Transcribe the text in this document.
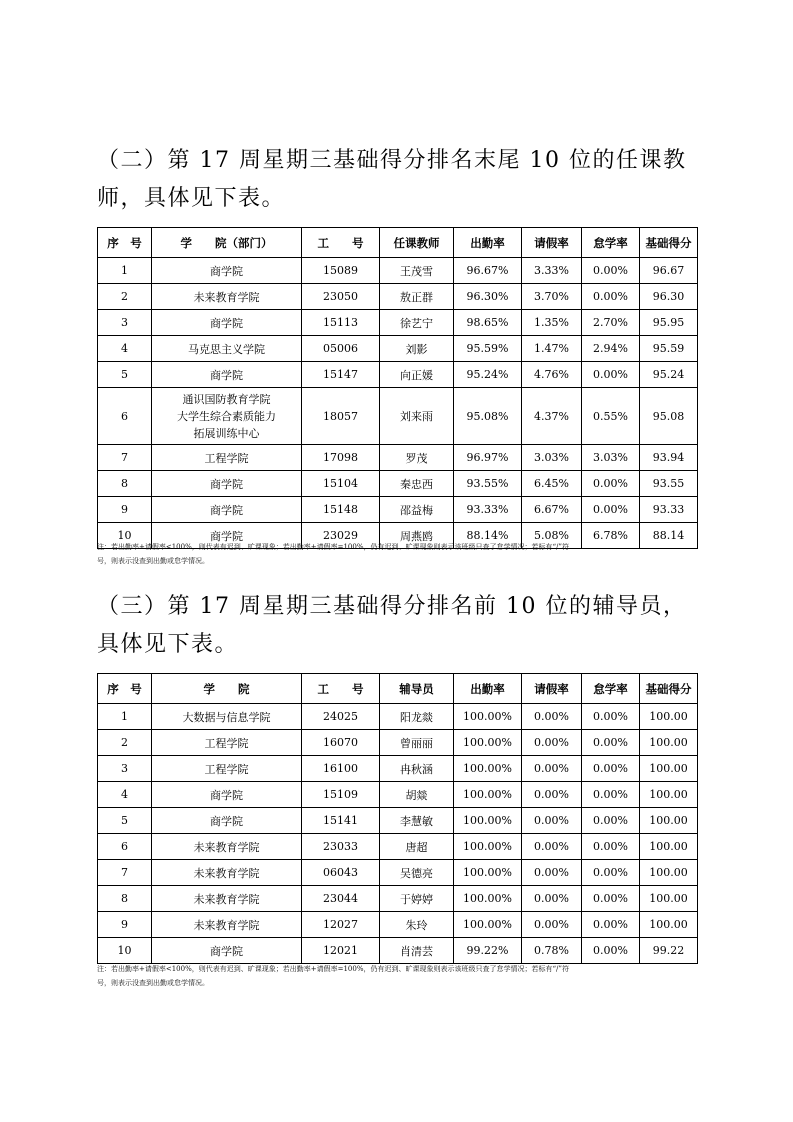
（二）第 17 周星期三基础得分排名末尾 10 位的任课教师，具体见下表。
序　号	学　　院（部门）	工　　号	任课教师	出勤率	请假率	怠学率	基础得分
1	商学院	15089	王茂雪	96.67%	3.33%	0.00%	96.67
2	未来教育学院	23050	敖正群	96.30%	3.70%	0.00%	96.30
3	商学院	15113	徐艺宁	98.65%	1.35%	2.70%	95.95
4	马克思主义学院	05006	刘影	95.59%	1.47%	2.94%	95.59
5	商学院	15147	向正媛	95.24%	4.76%	0.00%	95.24
6	通识国防教育学院
大学生综合素质能力
拓展训练中心	18057	刘来雨	95.08%	4.37%	0.55%	95.08
7	工程学院	17098	罗茂	96.97%	3.03%	3.03%	93.94
8	商学院	15104	秦忠西	93.55%	6.45%	0.00%	93.55
9	商学院	15148	邵益梅	93.33%	6.67%	0.00%	93.33
10	商学院	23029	周燕鸥	88.14%	5.08%	6.78%	88.14
注：若出勤率+请假率<100%，则代表有迟到、旷课现象；若出勤率+请假率=100%，仍有迟到、旷课现象则表示该班级只查了怠学情况；若标有“/”符
号，则表示没查到出勤或怠学情况。
（三）第 17 周星期三基础得分排名前 10 位的辅导员，具体见下表。
序　号	学　　院	工　　号	辅导员	出勤率	请假率	怠学率	基础得分
1	大数据与信息学院	24025	阳龙燚	100.00%	0.00%	0.00%	100.00
2	工程学院	16070	曾丽丽	100.00%	0.00%	0.00%	100.00
3	工程学院	16100	冉秋涵	100.00%	0.00%	0.00%	100.00
4	商学院	15109	胡燚	100.00%	0.00%	0.00%	100.00
5	商学院	15141	李慧敏	100.00%	0.00%	0.00%	100.00
6	未来教育学院	23033	唐超	100.00%	0.00%	0.00%	100.00
7	未来教育学院	06043	吴德亮	100.00%	0.00%	0.00%	100.00
8	未来教育学院	23044	于婷婷	100.00%	0.00%	0.00%	100.00
9	未来教育学院	12027	朱玲	100.00%	0.00%	0.00%	100.00
10	商学院	12021	肖清芸	99.22%	0.78%	0.00%	99.22
注：若出勤率+请假率<100%，则代表有迟到、旷课现象；若出勤率+请假率=100%，仍有迟到、旷课现象则表示该班级只查了怠学情况；若标有“/”符
号，则表示没查到出勤或怠学情况。
